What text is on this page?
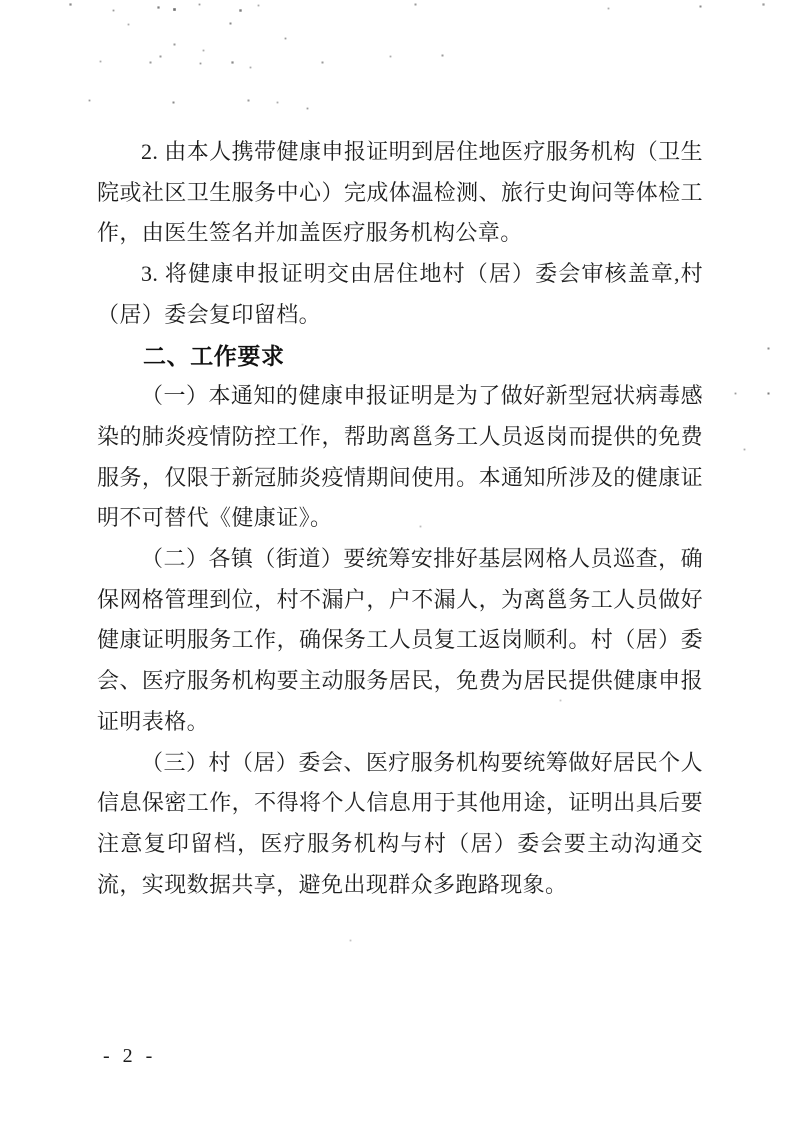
2. 由本人携带健康申报证明到居住地医疗服务机构（卫生院或社区卫生服务中心）完成体温检测、旅行史询问等体检工作，由医生签名并加盖医疗服务机构公章。

3. 将健康申报证明交由居住地村（居）委会审核盖章,村（居）委会复印留档。

二、工作要求

（一）本通知的健康申报证明是为了做好新型冠状病毒感染的肺炎疫情防控工作，帮助离邕务工人员返岗而提供的免费服务，仅限于新冠肺炎疫情期间使用。本通知所涉及的健康证明不可替代《健康证》。

（二）各镇（街道）要统筹安排好基层网格人员巡查，确保网格管理到位，村不漏户，户不漏人，为离邕务工人员做好健康证明服务工作，确保务工人员复工返岗顺利。村（居）委会、医疗服务机构要主动服务居民，免费为居民提供健康申报证明表格。

（三）村（居）委会、医疗服务机构要统筹做好居民个人信息保密工作，不得将个人信息用于其他用途，证明出具后要注意复印留档，医疗服务机构与村（居）委会要主动沟通交流，实现数据共享，避免出现群众多跑路现象。

- 2 -
